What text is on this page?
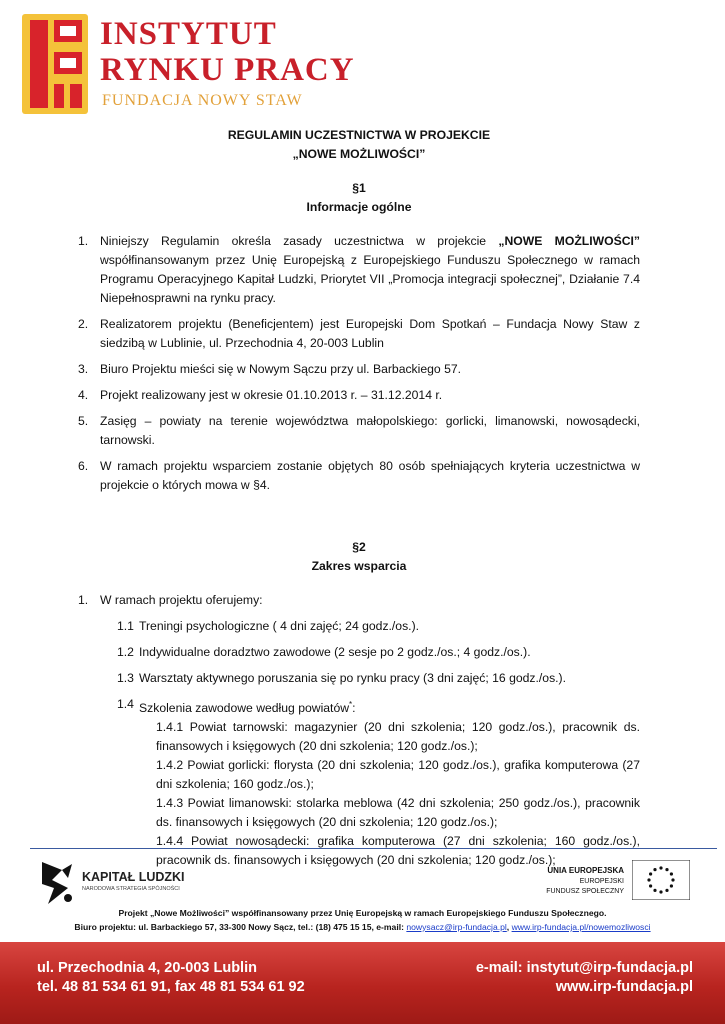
INSTYTUT
RYNKU PRACY
FUNDACJA NOWY STAW
REGULAMIN UCZESTNICTWA W PROJEKCIE
„NOWE MOŻLIWOŚCI”
§1
Informacje ogólne
1. Niniejszy Regulamin określa zasady uczestnictwa w projekcie „NOWE MOŻLIWOŚCI” współfinansowanym przez Unię Europejską z Europejskiego Funduszu Społecznego w ramach Programu Operacyjnego Kapitał Ludzki, Priorytet VII „Promocja integracji społecznej”, Działanie 7.4 Niepełnosprawni na rynku pracy.
2. Realizatorem projektu (Beneficjentem) jest Europejski Dom Spotkań – Fundacja Nowy Staw z siedzibą w Lublinie, ul. Przechodnia 4, 20-003 Lublin
3. Biuro Projektu mieści się w Nowym Sączu przy ul. Barbackiego 57.
4. Projekt realizowany jest w okresie 01.10.2013 r. – 31.12.2014 r.
5. Zasięg – powiaty na terenie województwa małopolskiego: gorlicki, limanowski, nowosądecki, tarnowski.
6. W ramach projektu wsparciem zostanie objętych 80 osób spełniających kryteria uczestnictwa w projekcie o których mowa w §4.
§2
Zakres wsparcia
1. W ramach projektu oferujemy:
1.1 Treningi psychologiczne ( 4 dni zajęć; 24 godz./os.).
1.2 Indywidualne doradztwo zawodowe (2 sesje po 2 godz./os.; 4 godz./os.).
1.3 Warsztaty aktywnego poruszania się po rynku pracy (3 dni zajęć; 16 godz./os.).
1.4 Szkolenia zawodowe według powiatów*:
1.4.1 Powiat tarnowski: magazynier (20 dni szkolenia; 120 godz./os.), pracownik ds. finansowych i księgowych (20 dni szkolenia; 120 godz./os.);
1.4.2 Powiat gorlicki: florysta (20 dni szkolenia; 120 godz./os.), grafika komputerowa (27 dni szkolenia; 160 godz./os.);
1.4.3 Powiat limanowski: stolarka meblowa (42 dni szkolenia; 250 godz./os.), pracownik ds. finansowych i księgowych (20 dni szkolenia; 120 godz./os.);
1.4.4 Powiat nowosądecki: grafika komputerowa (27 dni szkolenia; 160 godz./os.), pracownik ds. finansowych i księgowych (20 dni szkolenia; 120 godz./os.);
KAPITAŁ LUDZKI
NARODOWA STRATEGIA SPÓJNOŚCI
UNIA EUROPEJSKA
EUROPEJSKI
FUNDUSZ SPOŁECZNY
Projekt „Nowe Możliwości” współfinansowany przez Unię Europejską w ramach Europejskiego Funduszu Społecznego.
Biuro projektu: ul. Barbackiego 57, 33-300 Nowy Sącz, tel.: (18) 475 15 15, e-mail: nowysacz@irp-fundacja.pl, www.irp-fundacja.pl/nowemozliwosci
ul. Przechodnia 4, 20-003 Lublin
tel. 48 81 534 61 91, fax 48 81 534 61 92
e-mail: instytut@irp-fundacja.pl
www.irp-fundacja.pl
